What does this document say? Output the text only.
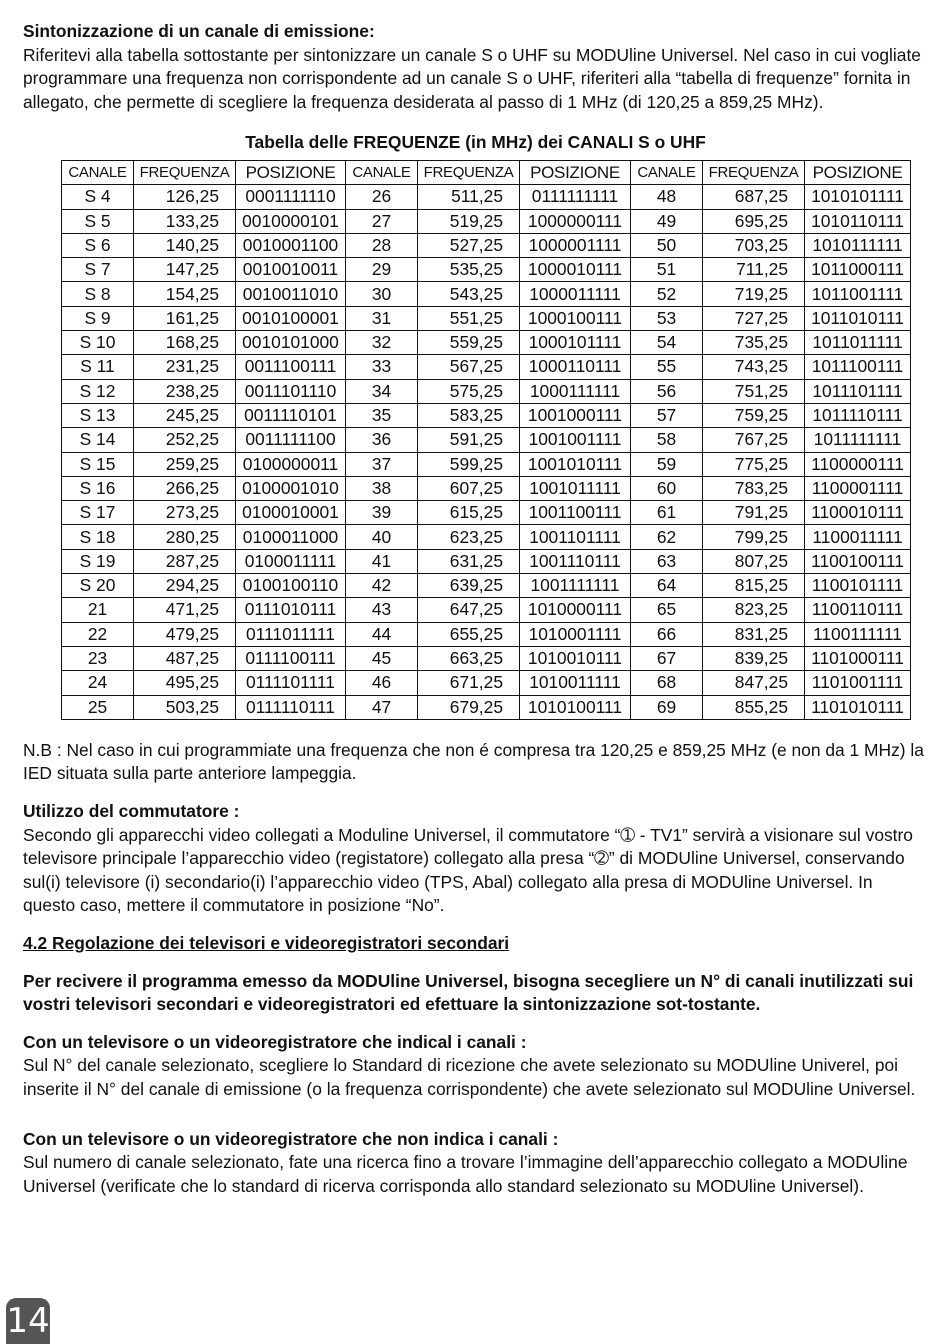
Sintonizzazione di un canale di emissione:

Riferitevi alla tabella sottostante per sintonizzare un canale S o UHF su MODUline Universel. Nel caso in cui vogliate programmare una frequenza non corrispondente ad un canale S o UHF, riferiteri alla “tabella di frequenze” fornita in allegato, che permette di scegliere la frequenza desiderata al passo di 1 MHz (di 120,25 a 859,25 MHz).

Tabella delle FREQUENZE (in MHz) dei CANALI S o UHF

CANALE	FREQUENZA	POSIZIONE	CANALE	FREQUENZA	POSIZIONE	CANALE	FREQUENZA	POSIZIONE
S 4	126,25	0001111110	26	511,25	0111111111	48	687,25	1010101111
S 5	133,25	0010000101	27	519,25	1000000111	49	695,25	1010110111
S 6	140,25	0010001100	28	527,25	1000001111	50	703,25	1010111111
S 7	147,25	0010010011	29	535,25	1000010111	51	711,25	1011000111
S 8	154,25	0010011010	30	543,25	1000011111	52	719,25	1011001111
S 9	161,25	0010100001	31	551,25	1000100111	53	727,25	1011010111
S 10	168,25	0010101000	32	559,25	1000101111	54	735,25	1011011111
S 11	231,25	0011100111	33	567,25	1000110111	55	743,25	1011100111
S 12	238,25	0011101110	34	575,25	1000111111	56	751,25	1011101111
S 13	245,25	0011110101	35	583,25	1001000111	57	759,25	1011110111
S 14	252,25	0011111100	36	591,25	1001001111	58	767,25	1011111111
S 15	259,25	0100000011	37	599,25	1001010111	59	775,25	1100000111
S 16	266,25	0100001010	38	607,25	1001011111	60	783,25	1100001111
S 17	273,25	0100010001	39	615,25	1001100111	61	791,25	1100010111
S 18	280,25	0100011000	40	623,25	1001101111	62	799,25	1100011111
S 19	287,25	0100011111	41	631,25	1001110111	63	807,25	1100100111
S 20	294,25	0100100110	42	639,25	1001111111	64	815,25	1100101111
21	471,25	0111010111	43	647,25	1010000111	65	823,25	1100110111
22	479,25	0111011111	44	655,25	1010001111	66	831,25	1100111111
23	487,25	0111100111	45	663,25	1010010111	67	839,25	1101000111
24	495,25	0111101111	46	671,25	1010011111	68	847,25	1101001111
25	503,25	0111110111	47	679,25	1010100111	69	855,25	1101010111

N.B : Nel caso in cui programmiate una frequenza che non é compresa tra 120,25 e 859,25 MHz (e non da 1 MHz) la IED situata sulla parte anteriore lampeggia.

Utilizzo del commutatore :

Secondo gli apparecchi video collegati a Moduline Universel, il commutatore “➀ - TV1” servirà a visionare sul vostro televisore principale l’apparecchio video (registatore) collegato alla presa “➁” di MODUline Universel, conservando sul(i) televisore (i) secondario(i) l’apparecchio video (TPS, Abal) collegato alla presa di MODUline Universel. In questo caso, mettere il commutatore in posizione “No”.

4.2 Regolazione dei televisori e videoregistratori secondari

Per recivere il programma emesso da MODUline Universel, bisogna secegliere un N° di canali inutilizzati sui vostri televisori secondari e videoregistratori ed efettuare la sintonizzazione sot-tostante.

Con un televisore o un videoregistratore che indical i canali :

Sul N° del canale selezionato, scegliere lo Standard di ricezione che avete selezionato su MODUline Univerel, poi inserite il N° del canale di emissione (o la frequenza corrispondente) che avete selezionato sul MODUline Universel.

Con un televisore o un videoregistratore che non indica i canali :

Sul numero di canale selezionato, fate una ricerca fino a trovare l’immagine dell’apparecchio collegato a MODUline Universel (verificate che lo standard di ricerva corrisponda allo standard selezionato su MODUline Universel).

14
